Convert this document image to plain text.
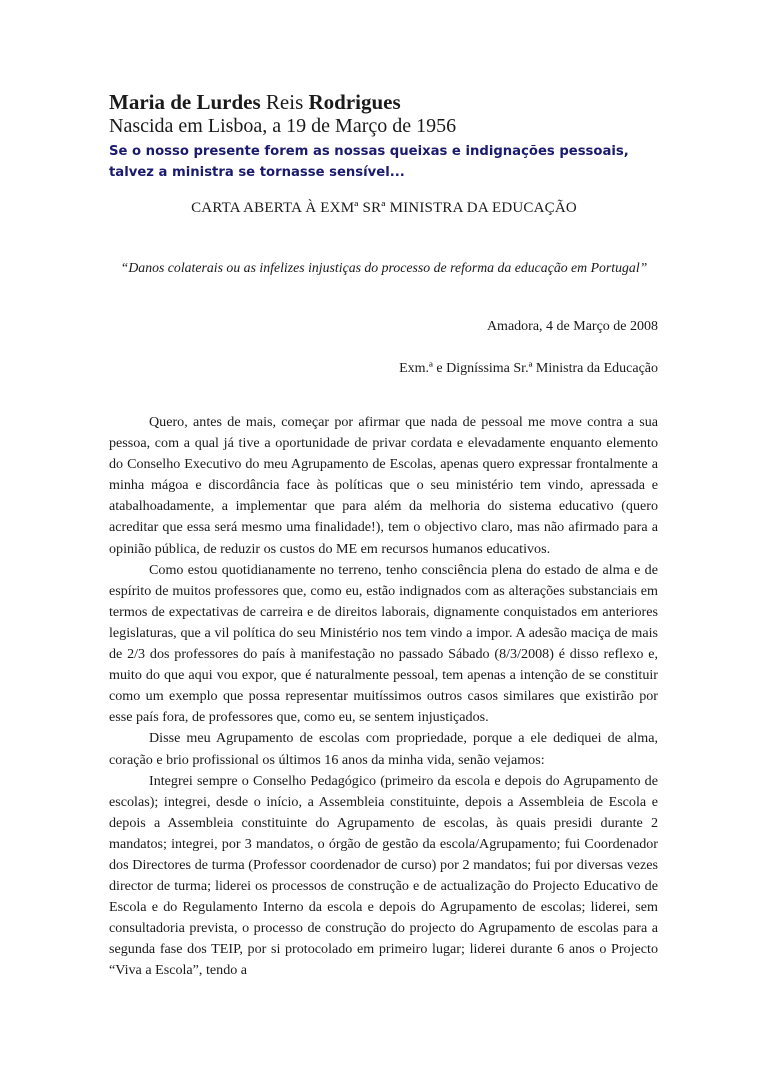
Maria de Lurdes Reis Rodrigues

Nascida em Lisboa, a 19 de Março de 1956

Se o nosso presente forem as nossas queixas e indignações pessoais, talvez a ministra se tornasse sensível...

CARTA ABERTA À EXMª SRª MINISTRA DA EDUCAÇÃO

“Danos colaterais ou as infelizes injustiças do processo de reforma da educação em Portugal”

Amadora, 4 de Março de 2008

Exm.ª e Digníssima Sr.ª Ministra da Educação

Quero, antes de mais, começar por afirmar que nada de pessoal me move contra a sua pessoa, com a qual já tive a oportunidade de privar cordata e elevadamente enquanto elemento do Conselho Executivo do meu Agrupamento de Escolas, apenas quero expressar frontalmente a minha mágoa e discordância face às políticas que o seu ministério tem vindo, apressada e atabalhoadamente, a implementar que para além da melhoria do sistema educativo (quero acreditar que essa será mesmo uma finalidade!), tem o objectivo claro, mas não afirmado para a opinião pública, de reduzir os custos do ME em recursos humanos educativos.

Como estou quotidianamente no terreno, tenho consciência plena do estado de alma e de espírito de muitos professores que, como eu, estão indignados com as alterações substanciais em termos de expectativas de carreira e de direitos laborais, dignamente conquistados em anteriores legislaturas, que a vil política do seu Ministério nos tem vindo a impor. A adesão maciça de mais de 2/3 dos professores do país à manifestação no passado Sábado (8/3/2008) é disso reflexo e, muito do que aqui vou expor, que é naturalmente pessoal, tem apenas a intenção de se constituir como um exemplo que possa representar muitíssimos outros casos similares que existirão por esse país fora, de professores que, como eu, se sentem injustiçados.

Disse meu Agrupamento de escolas com propriedade, porque a ele dediquei de alma, coração e brio profissional os últimos 16 anos da minha vida, senão vejamos:

Integrei sempre o Conselho Pedagógico (primeiro da escola e depois do Agrupamento de escolas); integrei, desde o início, a Assembleia constituinte, depois a Assembleia de Escola e depois a Assembleia constituinte do Agrupamento de escolas, às quais presidi durante 2 mandatos; integrei, por 3 mandatos, o órgão de gestão da escola/Agrupamento; fui Coordenador dos Directores de turma (Professor coordenador de curso) por 2 mandatos; fui por diversas vezes director de turma; liderei os processos de construção e de actualização do Projecto Educativo de Escola e do Regulamento Interno da escola e depois do Agrupamento de escolas; liderei, sem consultadoria prevista, o processo de construção do projecto do Agrupamento de escolas para a segunda fase dos TEIP, por si protocolado em primeiro lugar; liderei durante 6 anos o Projecto “Viva a Escola”, tendo a
